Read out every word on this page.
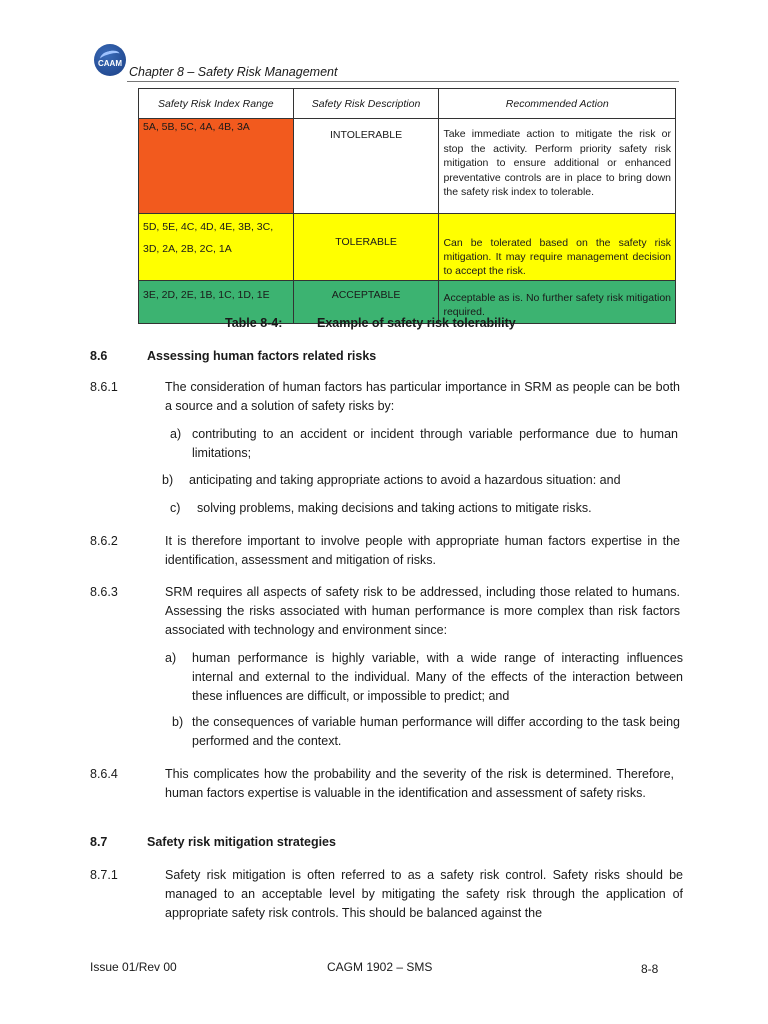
CAAM
Chapter 8 – Safety Risk Management
Safety Risk Index Range	Safety Risk Description	Recommended Action
5A, 5B, 5C, 4A, 4B, 3A	INTOLERABLE	Take immediate action to mitigate the risk or stop the activity. Perform priority safety risk mitigation to ensure additional or enhanced preventative controls are in place to bring down the safety risk index to tolerable.

5D, 5E, 4C, 4D, 4E, 3B, 3C, 3D, 2A, 2B, 2C, 1A	TOLERABLE	Can be tolerated based on the safety risk mitigation. It may require management decision to accept the risk.

3E, 2D, 2E, 1B, 1C, 1D, 1E	ACCEPTABLE	Acceptable as is. No further safety risk mitigation required.
Table 8-4:	Example of safety risk tolerability
8.6	Assessing human factors related risks
8.6.1	The consideration of human factors has particular importance in SRM as people can be both a source and a solution of safety risks by:
a) contributing to an accident or incident through variable performance due to human limitations;
b) anticipating and taking appropriate actions to avoid a hazardous situation: and
c) solving problems, making decisions and taking actions to mitigate risks.
8.6.2	It is therefore important to involve people with appropriate human factors expertise in the identification, assessment and mitigation of risks.
8.6.3	SRM requires all aspects of safety risk to be addressed, including those related to humans. Assessing the risks associated with human performance is more complex than risk factors associated with technology and environment since:
a) human performance is highly variable, with a wide range of interacting influences internal and external to the individual. Many of the effects of the interaction between these influences are difficult, or impossible to predict; and
b) the consequences of variable human performance will differ according to the task being performed and the context.
8.6.4	This complicates how the probability and the severity of the risk is determined. Therefore, human factors expertise is valuable in the identification and assessment of safety risks.
8.7	Safety risk mitigation strategies
8.7.1	Safety risk mitigation is often referred to as a safety risk control. Safety risks should be managed to an acceptable level by mitigating the safety risk through the application of appropriate safety risk controls. This should be balanced against the
Issue 01/Rev 00	CAGM 1902 – SMS	8-8
